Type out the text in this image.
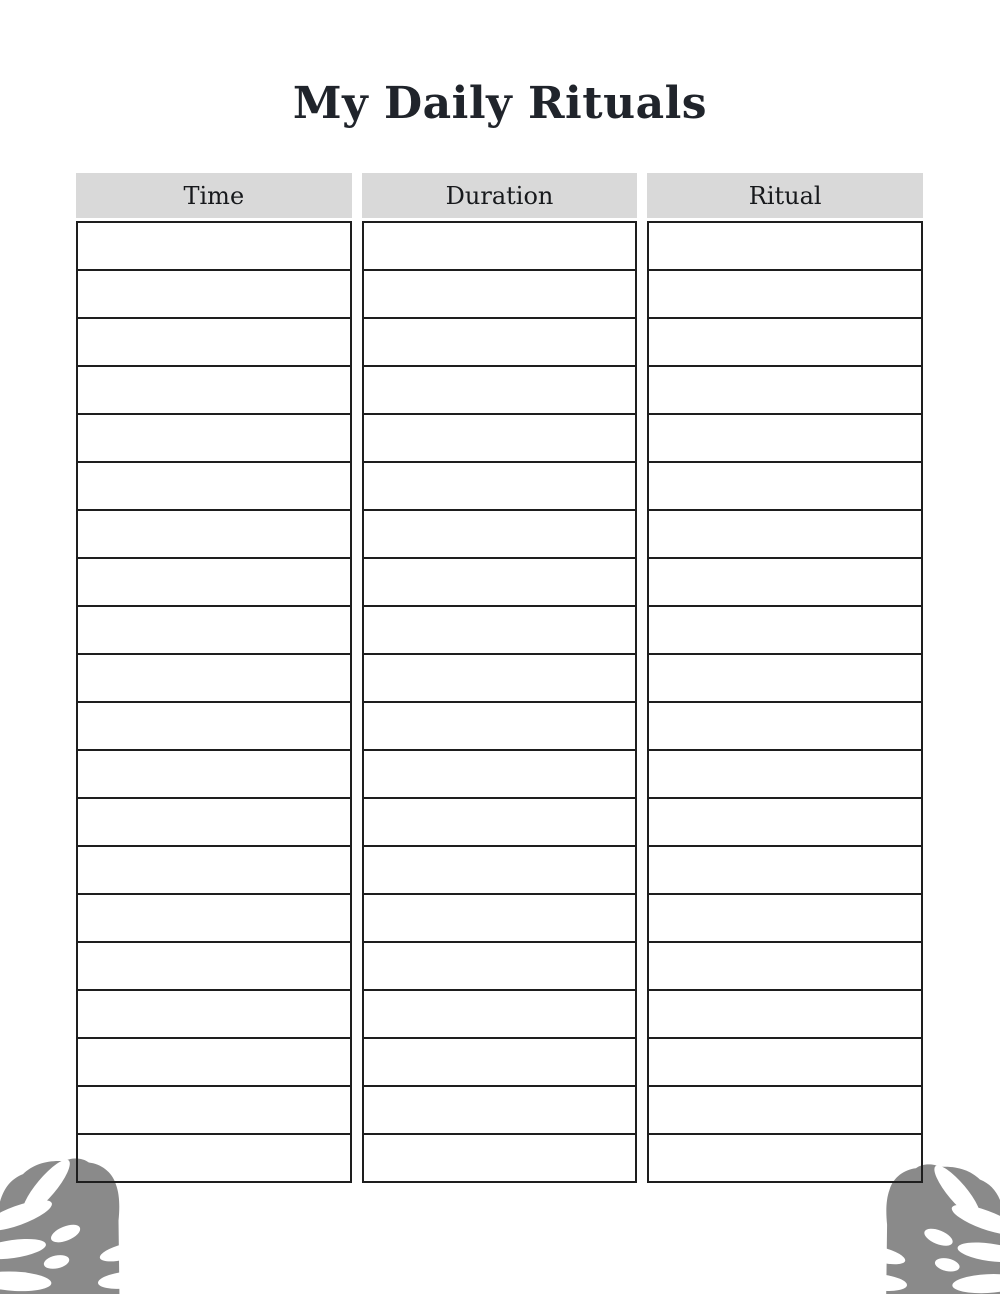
My Daily Rituals
Time	Duration	Ritual
